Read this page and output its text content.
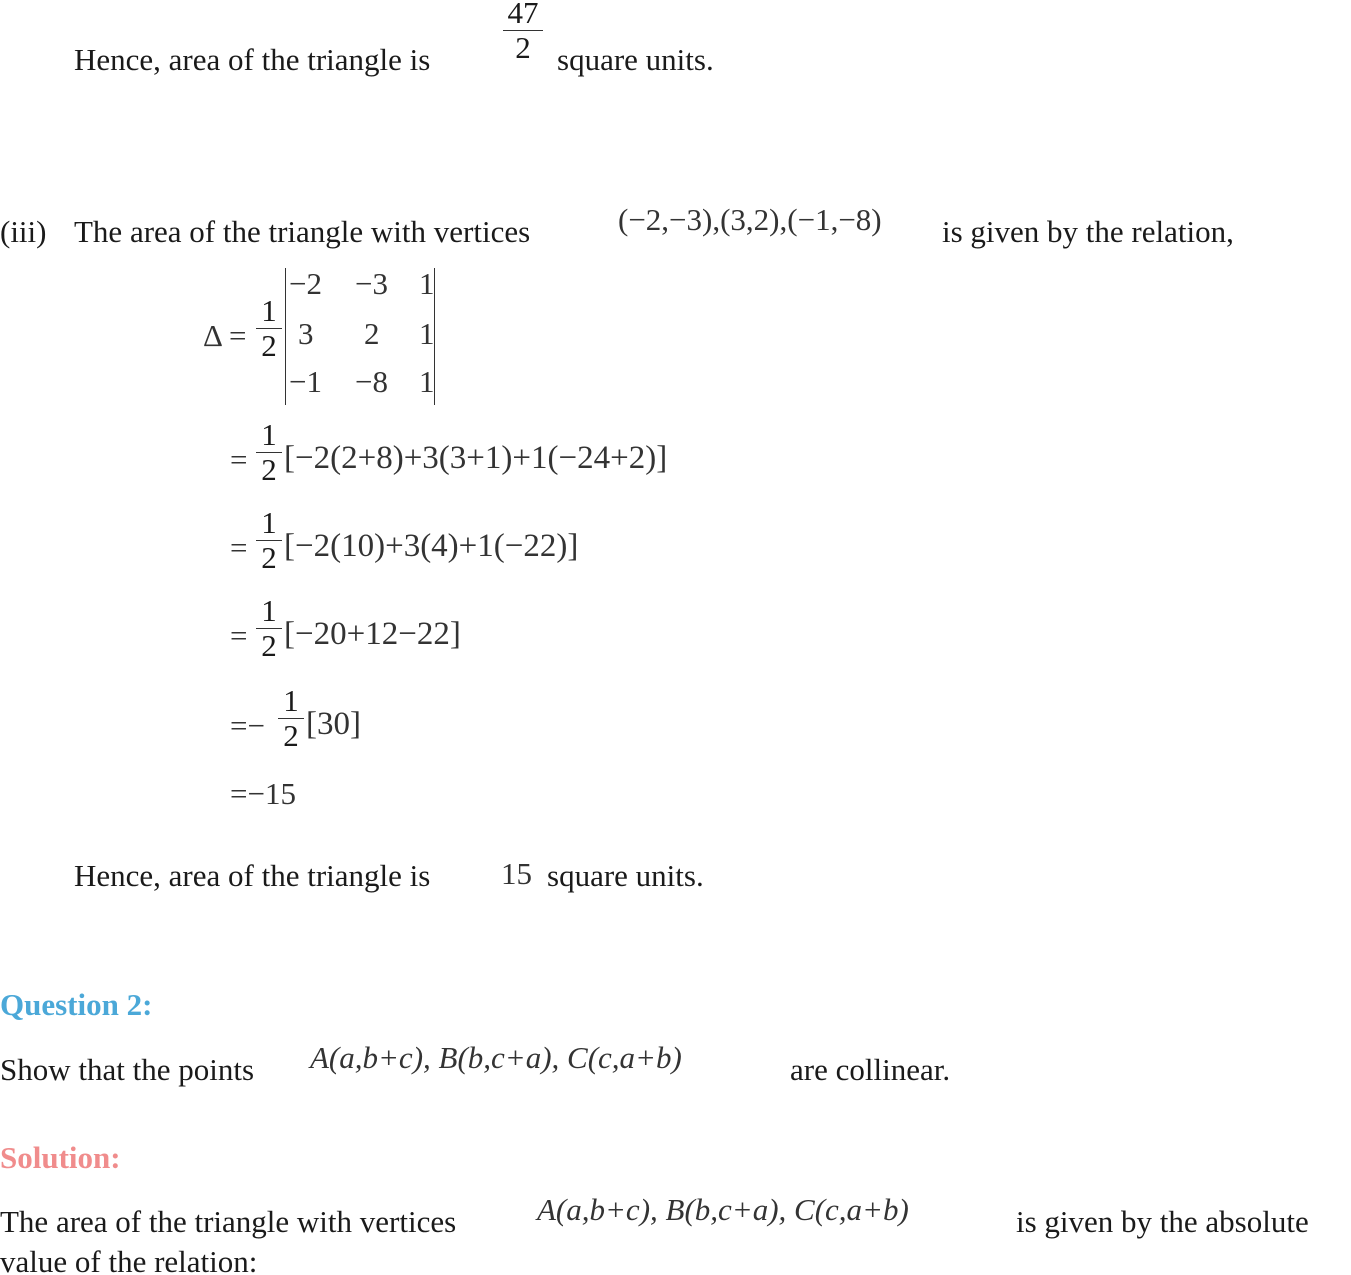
Hence, area of the triangle is
47
2 square units.
(iii) The area of the triangle with vertices	(−2,−3),(3,2),(−1,−8) is given by the relation,
Δ =
1
2
−2 −3 1
3 2 1
−1 −8 1
=
1
2 [−2(2+8)+3(3+1)+1(−24+2)]
=
1
2 [−2(10)+3(4)+1(−22)]
=
1
2 [−20+12−22]
=−
1
2 [30]
=−15
Hence, area of the triangle is 15 square units.
Question 2:
Show that the points A(a,b+c), B(b,c+a), C(c,a+b)	are collinear.
Solution:
The area of the triangle with vertices	A(a,b+c), B(b,c+a), C(c,a+b)	is given by the absolute
value of the relation:
